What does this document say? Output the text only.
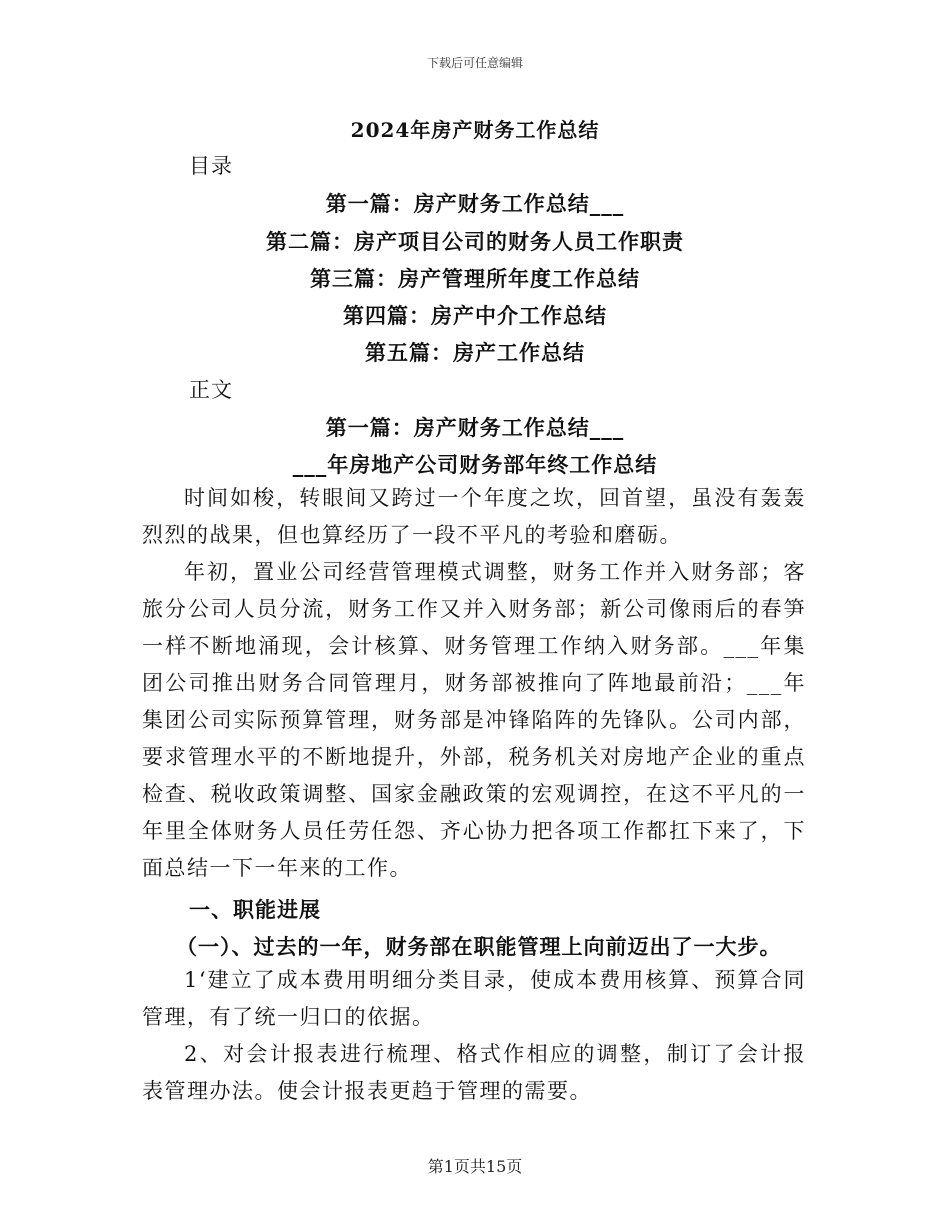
下载后可任意编辑
2024年房产财务工作总结
目录
第一篇：房产财务工作总结___
第二篇：房产项目公司的财务人员工作职责
第三篇：房产管理所年度工作总结
第四篇：房产中介工作总结
第五篇：房产工作总结
正文
第一篇：房产财务工作总结___
___年房地产公司财务部年终工作总结

时间如梭，转眼间又跨过一个年度之坎，回首望，虽没有轰轰烈烈的战果，但也算经历了一段不平凡的考验和磨砺。

年初，置业公司经营管理模式调整，财务工作并入财务部；客旅分公司人员分流，财务工作又并入财务部；新公司像雨后的春笋一样不断地涌现，会计核算、财务管理工作纳入财务部。___年集团公司推出财务合同管理月，财务部被推向了阵地最前沿；___年集团公司实际预算管理，财务部是冲锋陷阵的先锋队。公司内部，要求管理水平的不断地提升，外部，税务机关对房地产企业的重点检查、税收政策调整、国家金融政策的宏观调控，在这不平凡的一年里全体财务人员任劳任怨、齐心协力把各项工作都扛下来了，下面总结一下一年来的工作。

一、职能进展
（一）、过去的一年，财务部在职能管理上向前迈出了一大步。

1‘建立了成本费用明细分类目录，使成本费用核算、预算合同管理，有了统一归口的依据。

2、对会计报表进行梳理、格式作相应的调整，制订了会计报表管理办法。使会计报表更趋于管理的需要。

第1页共15页
